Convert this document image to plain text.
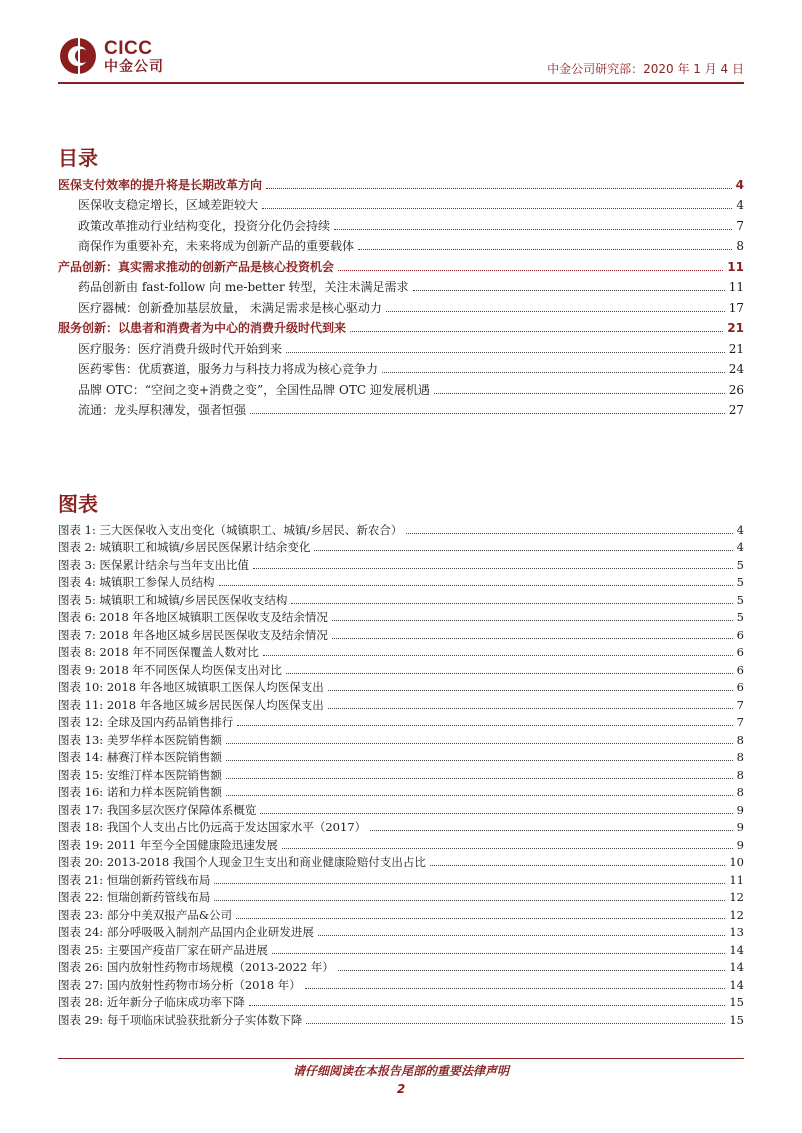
CICC
中金公司	中金公司研究部：2020 年 1 月 4 日
目录
医保支付效率的提升将是长期改革方向	4
医保收支稳定增长，区域差距较大	4
政策改革推动行业结构变化，投资分化仍会持续	7
商保作为重要补充，未来将成为创新产品的重要载体	8
产品创新：真实需求推动的创新产品是核心投资机会	11
药品创新由 fast-follow 向 me-better 转型，关注未满足需求	11
医疗器械：创新叠加基层放量， 未满足需求是核心驱动力	17
服务创新：以患者和消费者为中心的消费升级时代到来	21
医疗服务：医疗消费升级时代开始到来	21
医药零售：优质赛道，服务力与科技力将成为核心竞争力	24
品牌 OTC：“空间之变+消费之变”，全国性品牌 OTC 迎发展机遇	26
流通：龙头厚积薄发，强者恒强	27
图表
图表 1: 三大医保收入支出变化（城镇职工、城镇/乡居民、新农合）	4
图表 2: 城镇职工和城镇/乡居民医保累计结余变化	4
图表 3: 医保累计结余与当年支出比值	5
图表 4: 城镇职工参保人员结构	5
图表 5: 城镇职工和城镇/乡居民医保收支结构	5
图表 6: 2018 年各地区城镇职工医保收支及结余情况	5
图表 7: 2018 年各地区城乡居民医保收支及结余情况	6
图表 8: 2018 年不同医保覆盖人数对比	6
图表 9: 2018 年不同医保人均医保支出对比	6
图表 10: 2018 年各地区城镇职工医保人均医保支出	6
图表 11: 2018 年各地区城乡居民医保人均医保支出	7
图表 12: 全球及国内药品销售排行	7
图表 13: 美罗华样本医院销售额	8
图表 14: 赫赛汀样本医院销售额	8
图表 15: 安维汀样本医院销售额	8
图表 16: 诺和力样本医院销售额	8
图表 17: 我国多层次医疗保障体系概览	9
图表 18: 我国个人支出占比仍远高于发达国家水平（2017）	9
图表 19: 2011 年至今全国健康险迅速发展	9
图表 20: 2013-2018 我国个人现金卫生支出和商业健康险赔付支出占比	10
图表 21: 恒瑞创新药管线布局	11
图表 22: 恒瑞创新药管线布局	12
图表 23: 部分中美双报产品&公司	12
图表 24: 部分呼吸吸入制剂产品国内企业研发进展	13
图表 25: 主要国产疫苗厂家在研产品进展	14
图表 26: 国内放射性药物市场规模（2013-2022 年）	14
图表 27: 国内放射性药物市场分析（2018 年）	14
图表 28: 近年新分子临床成功率下降	15
图表 29: 每千项临床试验获批新分子实体数下降	15
请仔细阅读在本报告尾部的重要法律声明
2
